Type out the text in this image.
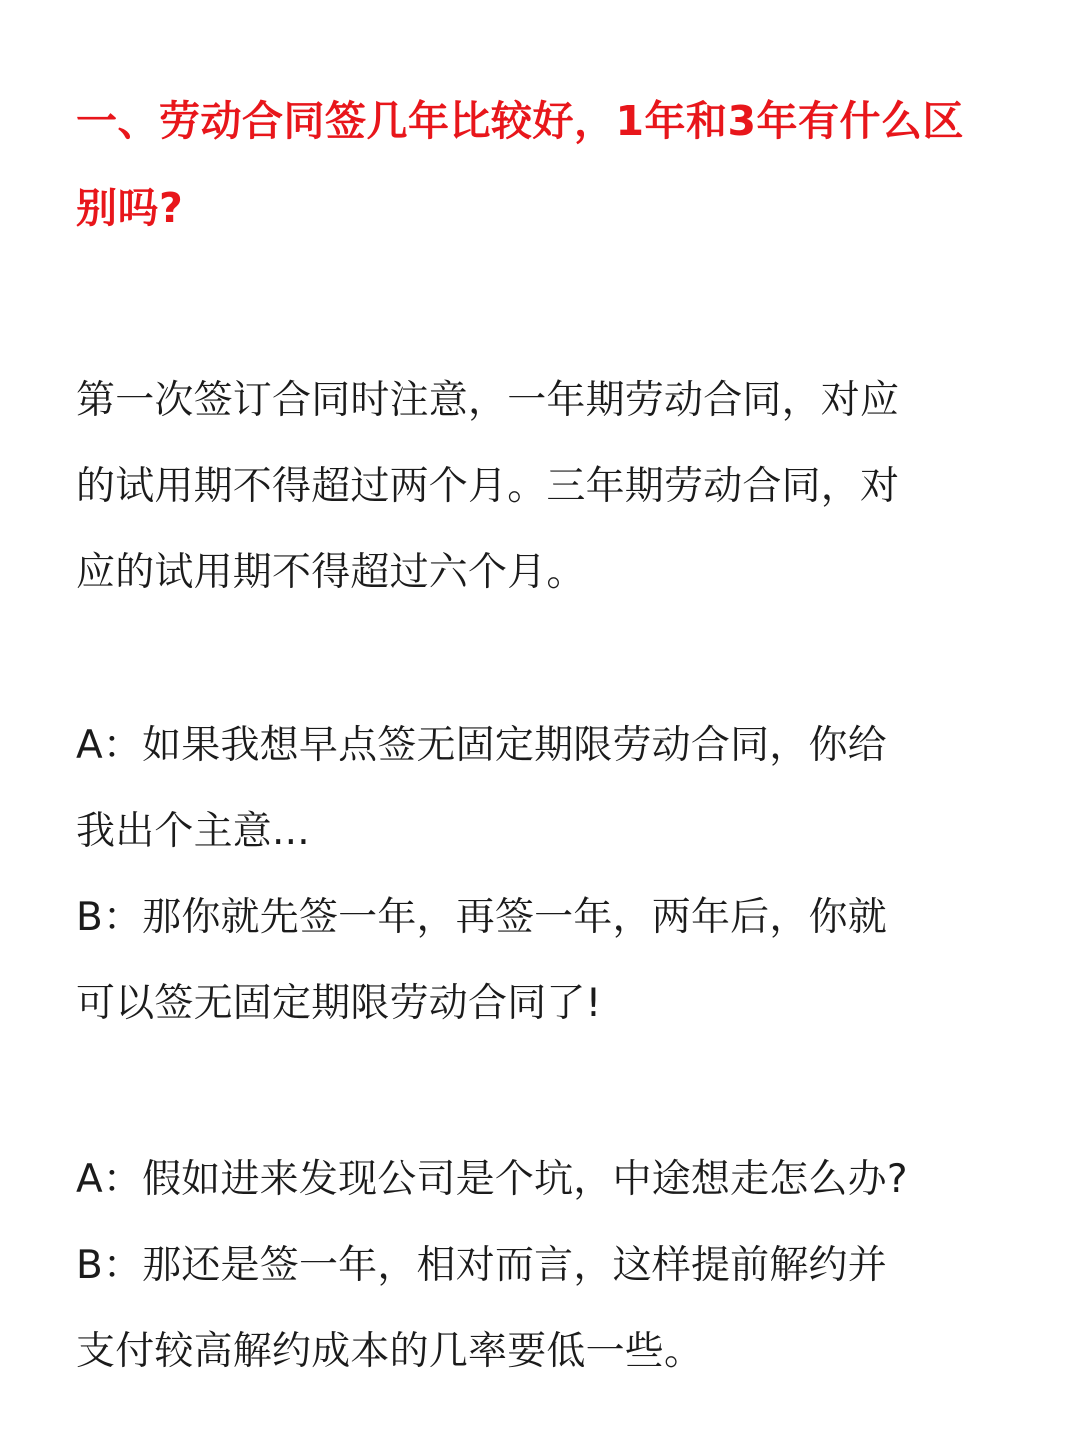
一、劳动合同签几年比较好，1年和3年有什么区
别吗?

第一次签订合同时注意，一年期劳动合同，对应
的试用期不得超过两个月。三年期劳动合同，对
应的试用期不得超过六个月。

A：如果我想早点签无固定期限劳动合同，你给
我出个主意...
B：那你就先签一年，再签一年，两年后，你就
可以签无固定期限劳动合同了!

A：假如进来发现公司是个坑，中途想走怎么办?
B：那还是签一年，相对而言，这样提前解约并
支付较高解约成本的几率要低一些。
